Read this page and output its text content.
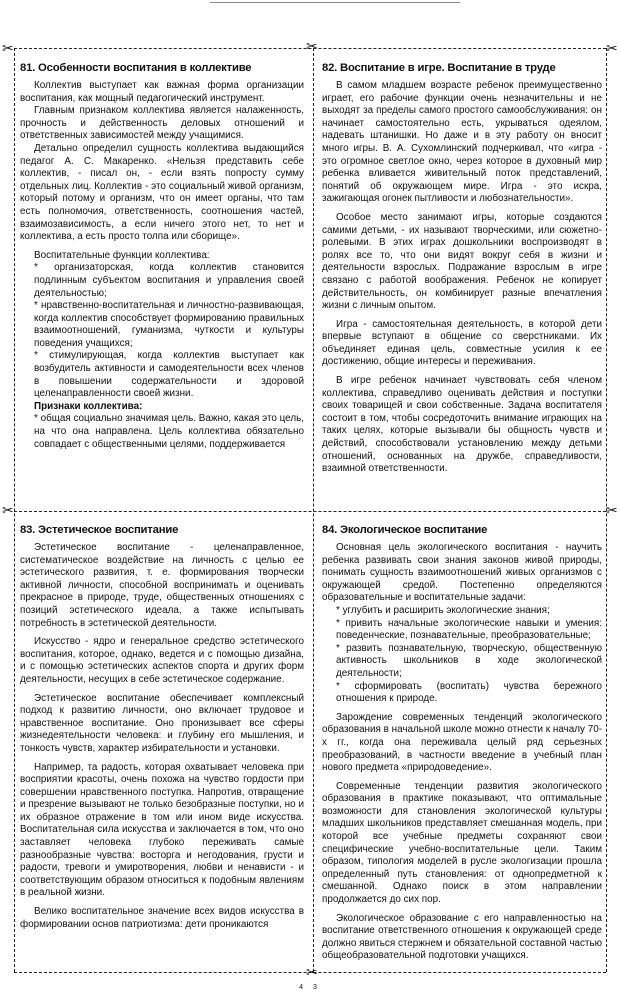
✂	✂	✂
✂	✂
✂
81. Особенности воспитания в коллективе

Коллектив выступает как важная форма организации воспитания, как мощный педагогический инструмент.

Главным признаком коллектива является налаженность, прочность и действенность деловых отношений и ответственных зависимостей между учащимися.

Детально определил сущность коллектива выдающийся педагог А. С. Макаренко. «Нельзя представить себе коллектив, - писал он, - если взять попросту сумму отдельных лиц. Коллектив - это социальный живой организм, который потому и организм, что он имеет органы, что там есть полномочия, ответственность, соотношения частей, взаимозависимость, а если ничего этого нет, то нет и коллектива, а есть просто толпа или сборище».

Воспитательные функции коллектива:

* организаторская, когда коллектив становится подлинным субъектом воспитания и управления своей деятельностью;

* нравственно-воспитательная и личностно-развивающая, когда коллектив способствует формированию правильных взаимоотношений, гуманизма, чуткости и культуры поведения учащихся;

* стимулирующая, когда коллектив выступает как возбудитель активности и самодеятельности всех членов в повышении содержательности и здоровой целенаправленности своей жизни.

Признаки коллектива:

* общая социально значимая цель. Важно, какая это цель, на что она направлена. Цель коллектива обязательно совпадает с общественными целями, поддерживается

82. Воспитание в игре. Воспитание в труде

В самом младшем возрасте ребенок преимущественно играет, его рабочие функции очень незначительны и не выходят за пределы самого простого самообслуживания: он начинает самостоятельно есть, укрываться одеялом, надевать штанишки. Но даже и в эту работу он вносит много игры. В. А. Сухомлинский подчеркивал, что «игра - это огромное светлое окно, через которое в духовный мир ребенка вливается живительный поток представлений, понятий об окружающем мире. Игра - это искра, зажигающая огонек пытливости и любознательности».

Особое место занимают игры, которые создаются самими детьми, - их называют творческими, или сюжетно-ролевыми. В этих играх дошкольники воспроизводят в ролях все то, что они видят вокруг себя в жизни и деятельности взрослых. Подражание взрослым в игре связано с работой воображения. Ребенок не копирует действительность, он комбинирует разные впечатления жизни с личным опытом.

Игра - самостоятельная деятельность, в которой дети впервые вступают в общение со сверстниками. Их объединяет единая цель, совместные усилия к ее достижению, общие интересы и переживания.

В игре ребенок начинает чувствовать себя членом коллектива, справедливо оценивать действия и поступки своих товарищей и свои собственные. Задача воспитателя состоит в том, чтобы сосредоточить внимание играющих на таких целях, которые вызывали бы общность чувств и действий, способствовали установлению между детьми отношений, основанных на дружбе, справедливости, взаимной ответственности.

83. Эстетическое воспитание

Эстетическое воспитание - целенаправленное, систематическое воздействие на личность с целью ее эстетического развития, т. е. формирования творчески активной личности, способной воспринимать и оценивать прекрасное в природе, труде, общественных отношениях с позиций эстетического идеала, а также испытывать потребность в эстетической деятельности.

Искусство - ядро и генеральное средство эстетического воспитания, которое, однако, ведется и с помощью дизайна, и с помощью эстетических аспектов спорта и других форм деятельности, несущих в себе эстетическое содержание.

Эстетическое воспитание обеспечивает комплексный подход к развитию личности, оно включает трудовое и нравственное воспитание. Оно пронизывает все сферы жизнедеятельности человека: и глубину его мышления, и тонкость чувств, характер избирательности и установки.

Например, та радость, которая охватывает человека при восприятии красоты, очень похожа на чувство гордости при совершении нравственного поступка. Напротив, отвращение и презрение вызывают не только безобразные поступки, но и их образное отражение в том или ином виде искусства. Воспитательная сила искусства и заключается в том, что оно заставляет человека глубоко переживать самые разнообразные чувства: восторга и негодования, грусти и радости, тревоги и умиротворения, любви и ненависти - и соответствующим образом относиться к подобным явлениям в реальной жизни.

Велико воспитательное значение всех видов искусства в формировании основ патриотизма: дети проникаются

84. Экологическое воспитание

Основная цель экологического воспитания - научить ребенка развивать свои знания законов живой природы, понимать сущность взаимоотношений живых организмов с окружающей средой. Постепенно определяются образовательные и воспитательные задачи:

* углубить и расширить экологические знания;

* привить начальные экологические навыки и умения: поведенческие, познавательные, преобразовательные;

* развить познавательную, творческую, общественную активность школьников в ходе экологической деятельности;

* сформировать (воспитать) чувства бережного отношения к природе.

Зарождение современных тенденций экологического образования в начальной школе можно отнести к началу 70-х гг., когда она переживала целый ряд серьезных преобразований, в частности введение в учебный план нового предмета «природоведение».

Современные тенденции развития экологического образования в практике показывают, что оптимальные возможности для становления экологической культуры младших школьников представляет смешанная модель, при которой все учебные предметы сохраняют свои специфические учебно-воспитательные цели. Таким образом, типология моделей в русле экологизации прошла определенный путь становления: от однопредметной к смешанной. Однако поиск в этом направлении продолжается до сих пор.

Экологическое образование с его направленностью на воспитание ответственного отношения к окружающей среде должно явиться стержнем и обязательной составной частью общеобразовательной подготовки учащихся.

4 3
